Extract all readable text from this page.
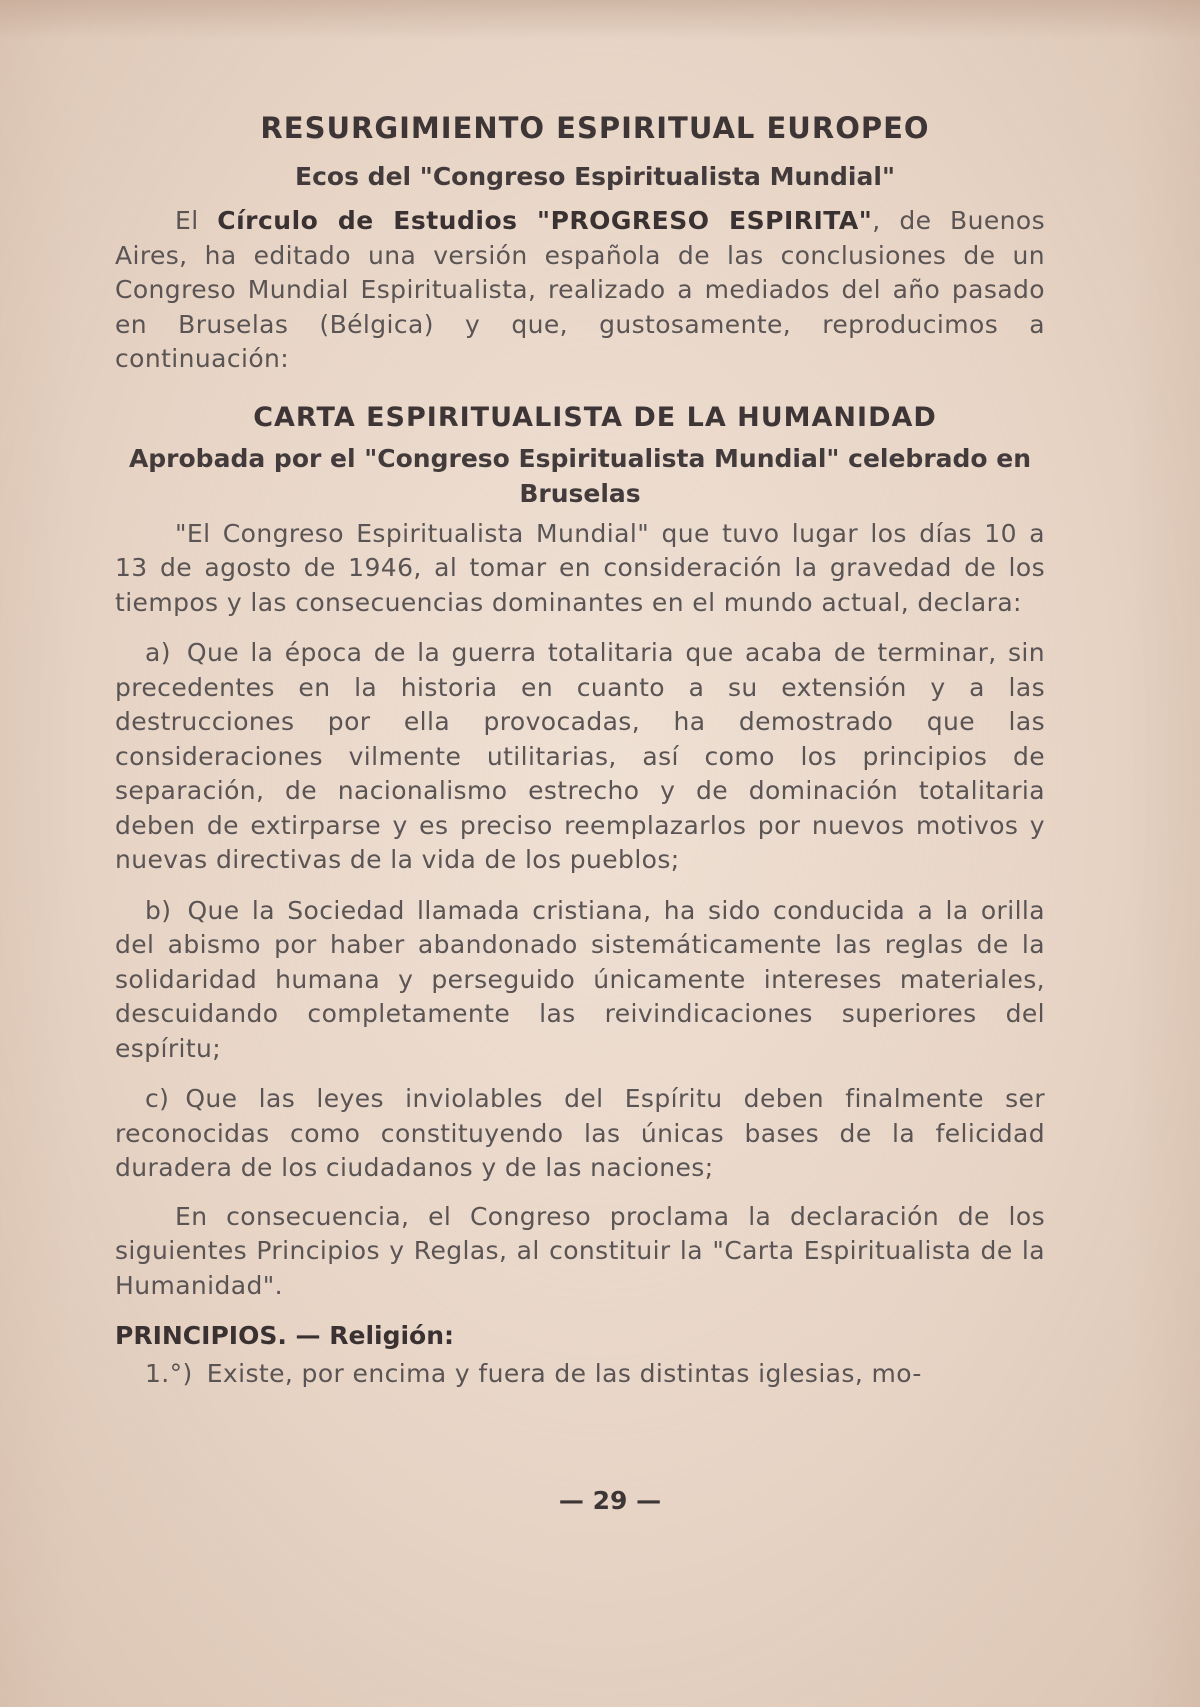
RESURGIMIENTO ESPIRITUAL EUROPEO
Ecos del "Congreso Espiritualista Mundial"

El Círculo de Estudios "PROGRESO ESPIRITA", de Buenos Aires, ha editado una versión española de las conclusiones de un Congreso Mundial Espiritualista, realizado a mediados del año pasado en Bruselas (Bélgica) y que, gustosamente, reproducimos a continuación:

CARTA ESPIRITUALISTA DE LA HUMANIDAD
Aprobada por el "Congreso Espiritualista Mundial" celebrado en Bruselas

"El Congreso Espiritualista Mundial" que tuvo lugar los días 10 a 13 de agosto de 1946, al tomar en consideración la gravedad de los tiempos y las consecuencias dominantes en el mundo actual, declara:

a) Que la época de la guerra totalitaria que acaba de terminar, sin precedentes en la historia en cuanto a su extensión y a las destrucciones por ella provocadas, ha demostrado que las consideraciones vilmente utilitarias, así como los principios de separación, de nacionalismo estrecho y de dominación totalitaria deben de extirparse y es preciso reemplazarlos por nuevos motivos y nuevas directivas de la vida de los pueblos;

b) Que la Sociedad llamada cristiana, ha sido conducida a la orilla del abismo por haber abandonado sistemáticamente las reglas de la solidaridad humana y perseguido únicamente intereses materiales, descuidando completamente las reivindicaciones superiores del espíritu;

c) Que las leyes inviolables del Espíritu deben finalmente ser reconocidas como constituyendo las únicas bases de la felicidad duradera de los ciudadanos y de las naciones;

En consecuencia, el Congreso proclama la declaración de los siguientes Principios y Reglas, al constituir la "Carta Espiritualista de la Humanidad".

PRINCIPIOS. — Religión:

1.°) Existe, por encima y fuera de las distintas iglesias, mo-

— 29 —
